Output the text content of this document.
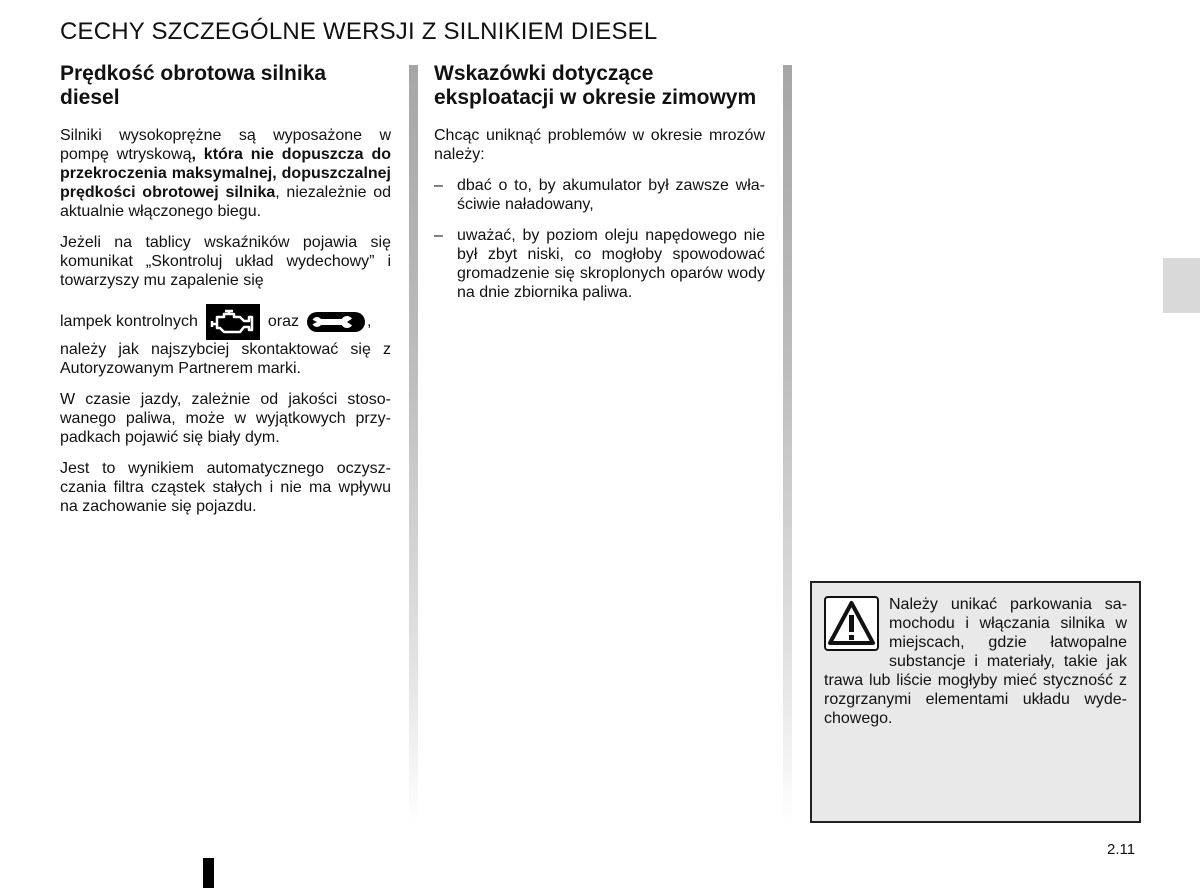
CECHY SZCZEGÓLNE WERSJI Z SILNIKIEM DIESEL
Prędkość obrotowa silnika diesel

Silniki wysokoprężne są wyposażone w pompę wtryskową, która nie dopuszcza do przekroczenia maksymalnej, dopuszczalnej prędkości obrotowej silnika, niezależnie od aktualnie włączonego biegu.

Jeżeli na tablicy wskaźników pojawia się komunikat „Skontroluj układ wydechowy” i towarzyszy mu zapalenie się

lampek kontrolnych	oraz	,

należy jak najszybciej skontaktować się z Autoryzowanym Partnerem marki.

W czasie jazdy, zależnie od jakości stosowanego paliwa, może w wyjątkowych przypadkach pojawić się biały dym.

Jest to wynikiem automatycznego oczyszczania filtra cząstek stałych i nie ma wpływu na zachowanie się pojazdu.

Wskazówki dotyczące eksploatacji w okresie zimowym

Chcąc uniknąć problemów w okresie mrozów należy:

– dbać o to, by akumulator był zawsze właściwie naładowany,
– uważać, by poziom oleju napędowego nie był zbyt niski, co mogłoby spowodować gromadzenie się skroplonych oparów wody na dnie zbiornika paliwa.

Należy unikać parkowania samochodu i włączania silnika w miejscach, gdzie łatwopalne substancje i materiały, takie jak trawa lub liście mogłyby mieć styczność z rozgrzanymi elementami układu wydechowego.

2.11
